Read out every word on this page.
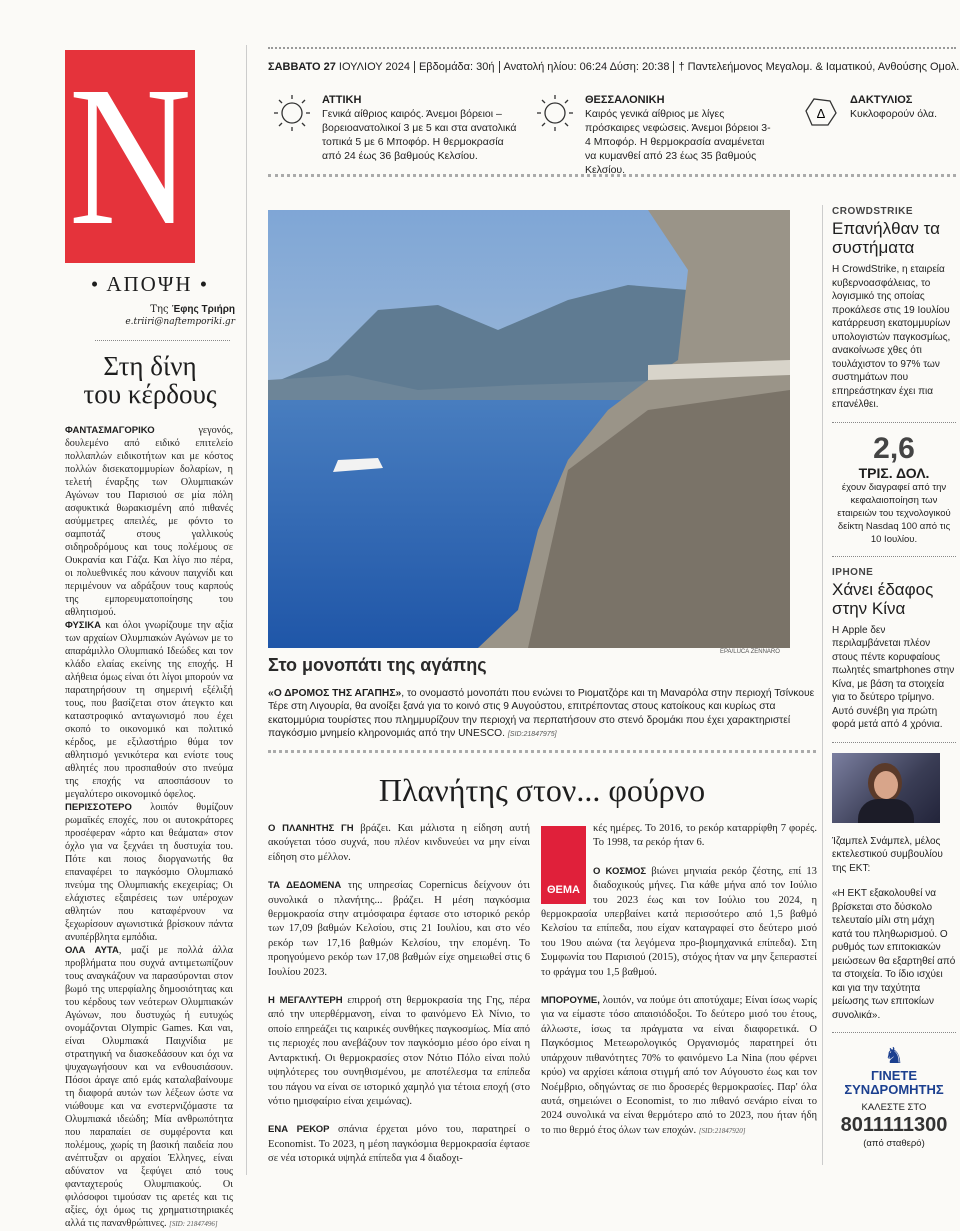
N
• ΑΠΟΨΗ •
Της Έφης Τριήρη
e.triiri@naftemporiki.gr
Στη δίνη
του κέρδους

ΦΑΝΤΑΣΜΑΓΟΡΙΚΟ γεγονός, δουλεμένο από ειδικό επιτελείο πολλαπλών ειδικοτήτων και με κόστος πολλών δισεκατομμυρίων δολαρίων, η τελετή έναρξης των Ολυμπιακών Αγώνων του Παρισιού σε μία πόλη ασφυκτικά θωρακισμένη από πιθανές ασύμμετρες απειλές, με φόντο το σαμποτάζ στους γαλλικούς σιδηροδρόμους και τους πολέμους σε Ουκρανία και Γάζα. Και λίγο πιο πέρα, οι πολυεθνικές που κάνουν παιχνίδι και περιμένουν να αδράξουν τους καρπούς της εμπορευματοποίησης του αθλητισμού.

ΦΥΣΙΚΑ και όλοι γνωρίζουμε την αξία των αρχαίων Ολυμπιακών Αγώνων με το απαράμιλλο Ολυμπιακό Ιδεώδες και τον κλάδο ελαίας εκείνης της εποχής. Η αλήθεια όμως είναι ότι λίγοι μπορούν να παρατηρήσουν τη σημερινή εξέλιξή τους, που βασίζεται στον άτεγκτο και καταστροφικό ανταγωνισμό που έχει σκοπό το οικονομικό και πολιτικό κέρδος, με εξιλαστήριο θύμα τον αθλητισμό γενικότερα και ενίοτε τους αθλητές που προσπαθούν στο πνεύμα της εποχής να αποσπάσουν το μεγαλύτερο οικονομικό όφελος.

ΠΕΡΙΣΣΟΤΕΡΟ λοιπόν θυμίζουν ρωμαϊκές εποχές, που οι αυτοκράτορες προσέφεραν «άρτο και θεάματα» στον όχλο για να ξεχνάει τη δυστυχία του. Πότε και ποιος διοργανωτής θα επαναφέρει το παγκόσμιο Ολυμπιακό πνεύμα της Ολυμπιακής εκεχειρίας; Οι ελάχιστες εξαιρέσεις των υπέροχων αθλητών που καταφέρνουν να ξεχωρίσουν αγωνιστικά βρίσκουν πάντα ανυπέρβλητα εμπόδια.

ΟΛΑ ΑΥΤΑ, μαζί με πολλά άλλα προβλήματα που συχνά αντιμετωπίζουν τους αναγκάζουν να παρασύρονται στον βωμό της υπερφίαλης δημοσιότητας και του κέρδους των νεότερων Ολυμπιακών Αγώνων, που δυστυχώς ή ευτυχώς ονομάζονται Olympic Games. Και ναι, είναι Ολυμπιακά Παιχνίδια με στρατηγική να διασκεδάσουν και όχι να ψυχαγωγήσουν και να ενθουσιάσουν. Πόσοι άραγε από εμάς καταλαβαίνουμε τη διαφορά αυτών των λέξεων ώστε να νιώθουμε και να ενστερνιζόμαστε τα Ολυμπιακά ιδεώδη; Μία ανθρωπότητα που παραπαίει σε συμφέροντα και πολέμους, χωρίς τη βασική παιδεία που ανέπτυξαν οι αρχαίοι Έλληνες, είναι αδύνατον να ξεφύγει από τους φανταχτερούς Ολυμπιακούς. Οι φιλόσοφοι τιμούσαν τις αρετές και τις αξίες, όχι όμως τις χρηματιστηριακές αλλά τις πανανθρώπινες. [SID: 21847496]

ΣΑΒΒΑΤΟ 27 ΙΟΥΛΙΟΥ 2024 Εβδομάδα: 30ή Ανατολή ηλίου: 06:24 Δύση: 20:38 † Παντελεήμονος Μεγαλομ. & Ιαματικού, Ανθούσης Ομολ.
ΑΤΤΙΚΗ
Γενικά αίθριος καιρός. Άνεμοι βόρειοι – βορειοανατολικοί 3 με 5 και στα ανατολικά τοπικά 5 με 6 Μποφόρ. Η θερμοκρασία από 24 έως 36 βαθμούς Κελσίου.
ΘΕΣΣΑΛΟΝΙΚΗ
Καιρός γενικά αίθριος με λίγες πρόσκαιρες νεφώσεις. Άνεμοι βόρειοι 3-4 Μποφόρ. Η θερμοκρασία αναμένεται να κυμανθεί από 23 έως 35 βαθμούς Κελσίου.
Δ
ΔΑΚΤΥΛΙΟΣ
Κυκλοφορούν όλα.
ΕΡΑ/LUCA ZENNARO
Στο μονοπάτι της αγάπης
«Ο ΔΡΟΜΟΣ ΤΗΣ ΑΓΑΠΗΣ», το ονομαστό μονοπάτι που ενώνει το Ριοματζόρε και τη Μαναρόλα στην περιοχή Τσίνκουε Τέρε στη Λιγουρία, θα ανοίξει ξανά για το κοινό στις 9 Αυγούστου, επιτρέποντας στους κατοίκους και κυρίως στα εκατομμύρια τουρίστες που πλημμυρίζουν την περιοχή να περπατήσουν στο στενό δρομάκι που έχει χαρακτηριστεί παγκόσμιο μνημείο κληρονομιάς από την UNESCO. [SID:21847975]
Πλανήτης στον... φούρνο

Ο ΠΛΑΝΗΤΗΣ ΓΗ βράζει. Και μάλιστα η είδηση αυτή ακούγεται τόσο συχνά, που πλέον κινδυνεύει να μην είναι είδηση στο μέλλον.

ΤΑ ΔΕΔΟΜΕΝΑ της υπηρεσίας Copernicus δείχνουν ότι συνολικά ο πλανήτης... βράζει. Η μέση παγκόσμια θερμοκρασία στην ατμόσφαιρα έφτασε στο ιστορικό ρεκόρ των 17,09 βαθμών Κελσίου, στις 21 Ιουλίου, και στο νέο ρεκόρ των 17,16 βαθμών Κελσίου, την επομένη. Το προηγούμενο ρεκόρ των 17,08 βαθμών είχε σημειωθεί στις 6 Ιουλίου 2023.

Η ΜΕΓΑΛΥΤΕΡΗ επιρροή στη θερμοκρασία της Γης, πέρα από την υπερθέρμανση, είναι το φαινόμενο Ελ Νίνιο, το οποίο επηρεάζει τις καιρικές συνθήκες παγκοσμίως. Μία από τις περιοχές που ανεβάζουν τον παγκόσμιο μέσο όρο είναι η Ανταρκτική. Οι θερμοκρασίες στον Νότιο Πόλο είναι πολύ υψηλότερες του συνηθισμένου, με αποτέλεσμα τα επίπεδα του πάγου να είναι σε ιστορικό χαμηλό για τέτοια εποχή (στο νότιο ημισφαίριο είναι χειμώνας).

ΕΝΑ ΡΕΚΟΡ σπάνια έρχεται μόνο του, παρατηρεί ο Economist. Το 2023, η μέση παγκόσμια θερμοκρασία έφτασε σε νέα ιστορικά υψηλά επίπεδα για 4 διαδοχι-

κές ημέρες. Το 2016, το ρεκόρ καταρρίφθη 7 φορές. Το 1998, τα ρεκόρ ήταν 6.

Ο ΚΟΣΜΟΣ βιώνει μηνιαία ρεκόρ ζέστης, επί 13 διαδοχικούς μήνες. Για κάθε μήνα από τον Ιούλιο του 2023 έως και τον Ιούλιο του 2024, η θερμοκρασία υπερβαίνει κατά περισσότερο από 1,5 βαθμό Κελσίου τα επίπεδα, που είχαν καταγραφεί στο δεύτερο μισό του 19ου αιώνα (τα λεγόμενα προ-βιομηχανικά επίπεδα). Στη Συμφωνία του Παρισιού (2015), στόχος ήταν να μην ξεπεραστεί το φράγμα του 1,5 βαθμού.

ΜΠΟΡΟΥΜΕ, λοιπόν, να πούμε ότι αποτύχαμε; Είναι ίσως νωρίς για να είμαστε τόσο απαισιόδοξοι. Το δεύτερο μισό του έτους, άλλωστε, ίσως τα πράγματα να είναι διαφορετικά. Ο Παγκόσμιος Μετεωρολογικός Οργανισμός παρατηρεί ότι υπάρχουν πιθανότητες 70% το φαινόμενο La Nina (που φέρνει κρύο) να αρχίσει κάποια στιγμή από τον Αύγουστο έως και τον Νοέμβριο, οδηγώντας σε πιο δροσερές θερμοκρασίες. Παρ' όλα αυτά, σημειώνει ο Economist, το πιο πιθανό σενάριο είναι το 2024 συνολικά να είναι θερμότερο από το 2023, που ήταν ήδη το πιο θερμό έτος όλων των εποχών. [SID:21847920]

ΘΕΜΑ
CROWDSTRIKE
Επανήλθαν τα συστήματα
Η CrowdStrike, η εταιρεία κυβερνοασφάλειας, το λογισμικό της οποίας προκάλεσε στις 19 Ιουλίου κατάρρευση εκατομμυρίων υπολογιστών παγκοσμίως, ανακοίνωσε χθες ότι τουλάχιστον το 97% των συστημάτων που επηρεάστηκαν έχει πια επανέλθει.
2,6
ΤΡΙΣ. ΔΟΛ.
έχουν διαγραφεί από την κεφαλαιοποίηση των εταιρειών του τεχνολογικού δείκτη Nasdaq 100 από τις 10 Ιουλίου.
IPHONE
Χάνει έδαφος στην Κίνα
Η Apple δεν περιλαμβάνεται πλέον στους πέντε κορυφαίους πωλητές smartphones στην Κίνα, με βάση τα στοιχεία για το δεύτερο τρίμηνο. Αυτό συνέβη για πρώτη φορά μετά από 4 χρόνια.
Ίζαμπελ Σνάμπελ, μέλος εκτελεστικού συμβουλίου της ΕΚΤ:
«Η ΕΚΤ εξακολουθεί να βρίσκεται στο δύσκολο τελευταίο μίλι στη μάχη κατά του πληθωρισμού. Ο ρυθμός των επιτοκιακών μειώσεων θα εξαρτηθεί από τα στοιχεία. Το ίδιο ισχύει και για την ταχύτητα μείωσης των επιτοκίων συνολικά».
♞
ΓΙΝΕΤΕ
ΣΥΝΔΡΟΜΗΤΗΣ
ΚΑΛΕΣΤΕ ΣΤΟ
8011111300
(από σταθερό)
